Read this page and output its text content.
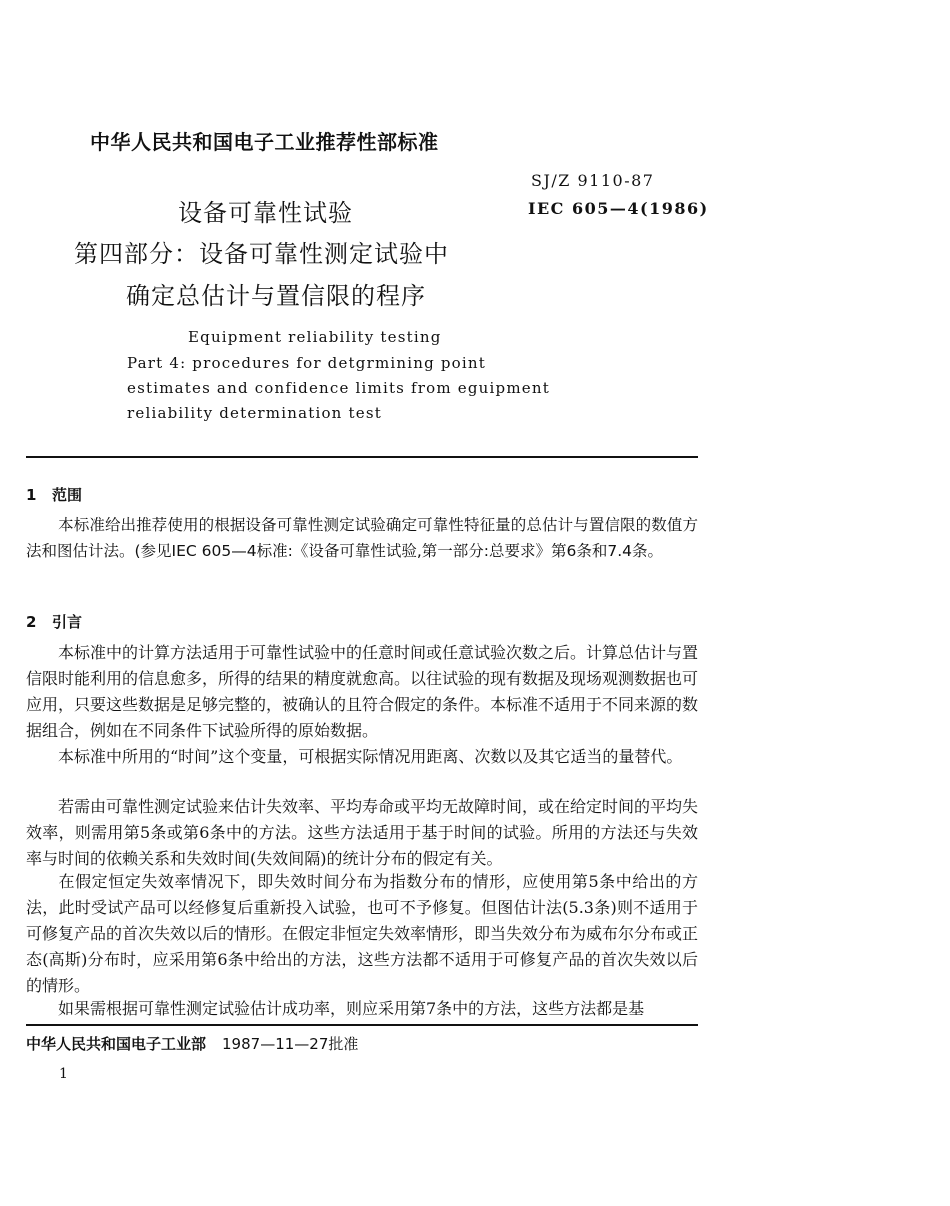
中华人民共和国电子工业推荐性部标准
SJ/Z 9110-87
IEC 605—4(1986)
设备可靠性试验
第四部分：设备可靠性测定试验中
确定总估计与置信限的程序
Equipment reliability testing
Part 4: procedures for detgrmining point
estimates and confidence limits from eguipment
reliability determination test
1 范围
本标准给出推荐使用的根据设备可靠性测定试验确定可靠性特征量的总估计与置信限的数值方法和图估计法。(参见IEC 605—4标准:《设备可靠性试验,第一部分:总要求》第6条和7.4条。
2 引言
本标准中的计算方法适用于可靠性试验中的任意时间或任意试验次数之后。计算总估计与置信限时能利用的信息愈多，所得的结果的精度就愈高。以往试验的现有数据及现场观测数据也可应用，只要这些数据是足够完整的，被确认的且符合假定的条件。本标准不适用于不同来源的数据组合，例如在不同条件下试验所得的原始数据。
本标准中所用的“时间”这个变量，可根据实际情况用距离、次数以及其它适当的量替代。
若需由可靠性测定试验来估计失效率、平均寿命或平均无故障时间，或在给定时间的平均失效率，则需用第5条或第6条中的方法。这些方法适用于基于时间的试验。所用的方法还与失效率与时间的依赖关系和失效时间(失效间隔)的统计分布的假定有关。
在假定恒定失效率情况下，即失效时间分布为指数分布的情形，应使用第5条中给出的方法，此时受试产品可以经修复后重新投入试验，也可不予修复。但图估计法(5.3条)则不适用于可修复产品的首次失效以后的情形。在假定非恒定失效率情形，即当失效分布为威布尔分布或正态(高斯)分布时，应采用第6条中给出的方法，这些方法都不适用于可修复产品的首次失效以后的情形。
如果需根据可靠性测定试验估计成功率，则应采用第7条中的方法，这些方法都是基
中华人民共和国电子工业部 1987—11—27批准
1
